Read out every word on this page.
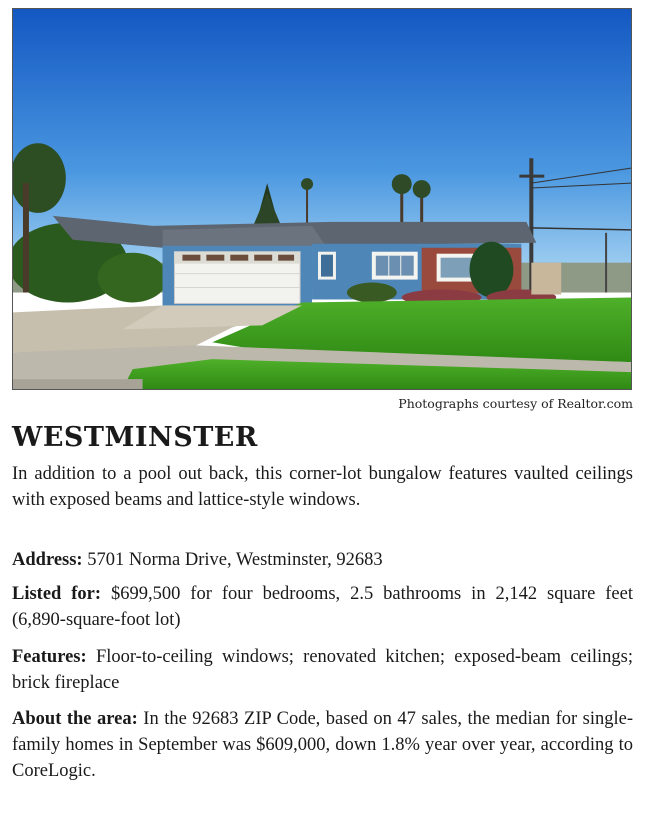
Photographs courtesy of Realtor.com
WESTMINSTER

In addition to a pool out back, this corner-lot bungalow features vaulted ceilings with exposed beams and lattice-style windows.

Address: 5701 Norma Drive, Westminster, 92683

Listed for: $699,500 for four bedrooms, 2.5 bathrooms in 2,142 square feet (6,890-square-foot lot)

Features: Floor-to-ceiling windows; renovated kitchen; exposed-beam ceilings; brick fireplace

About the area: In the 92683 ZIP Code, based on 47 sales, the median for single-family homes in September was $609,000, down 1.8% year over year, according to CoreLogic.
